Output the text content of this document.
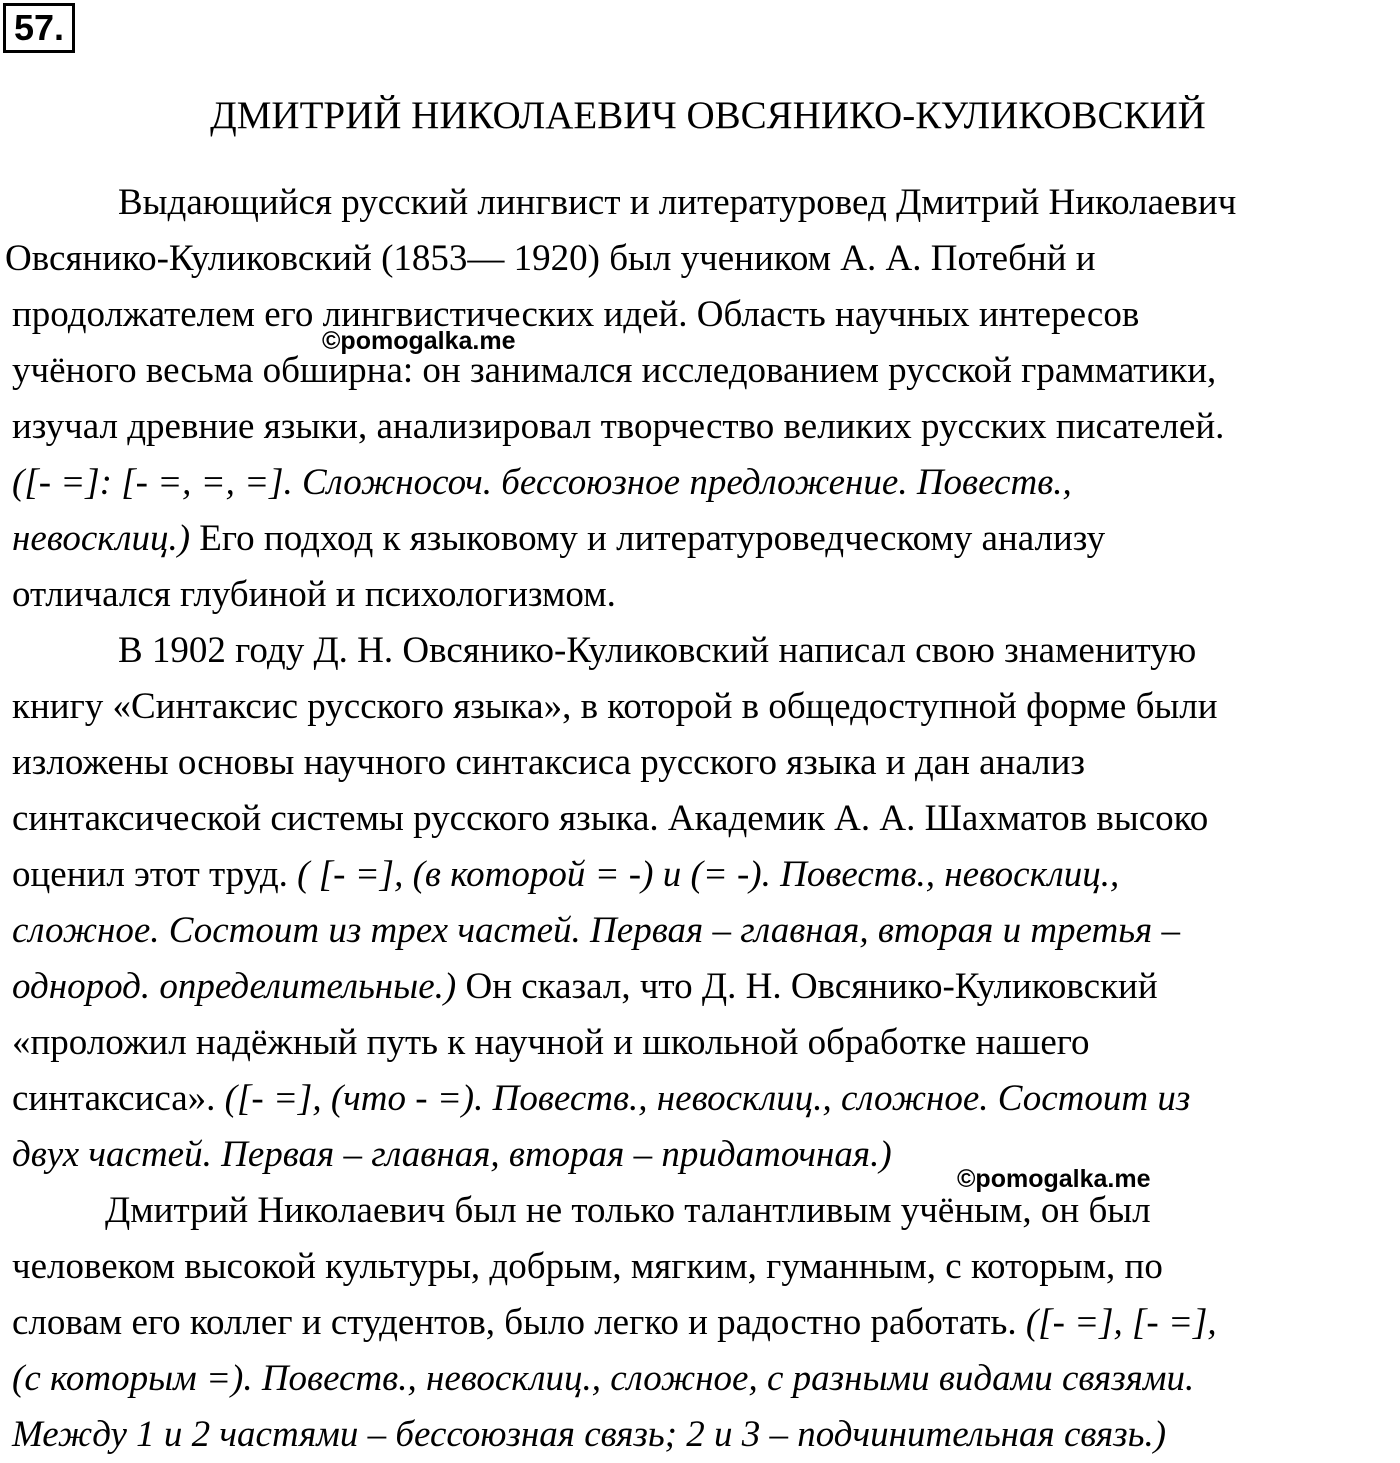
57.
ДМИТРИЙ НИКОЛАЕВИЧ ОВСЯНИКО-КУЛИКОВСКИЙ
Выдающийся русский лингвист и литературовед Дмитрий Николаевич
Овсянико-Куликовский (1853— 1920) был учеником А. А. Потебнй и
продолжателем его лингвистических идей. Область научных интересов
учёного весьма обширна: он занимался исследованием русской грамматики,
изучал древние языки, анализировал творчество великих русских писателей.
([- =]: [- =, =, =]. Сложносоч. бессоюзное предложение. Повеств.,
невосклиц.) Его подход к языковому и литературоведческому анализу
отличался глубиной и психологизмом.
В 1902 году Д. Н. Овсянико-Куликовский написал свою знаменитую
книгу «Синтаксис русского языка», в которой в общедоступной форме были
изложены основы научного синтаксиса русского языка и дан анализ
синтаксической системы русского языка. Академик А. А. Шахматов высоко
оценил этот труд. ( [- =], (в которой = -) и (= -). Повеств., невосклиц.,
сложное. Состоит из трех частей. Первая – главная, вторая и третья –
однород. определительные.) Он сказал, что Д. Н. Овсянико-Куликовский
«проложил надёжный путь к научной и школьной обработке нашего
синтаксиса». ([- =], (что - =). Повеств., невосклиц., сложное. Состоит из
двух частей. Первая – главная, вторая – придаточная.)
Дмитрий Николаевич был не только талантливым учёным, он был
человеком высокой культуры, добрым, мягким, гуманным, с которым, по
словам его коллег и студентов, было легко и радостно работать. ([- =], [- =],
(с которым =). Повеств., невосклиц., сложное, с разными видами связями.
Между 1 и 2 частями – бессоюзная связь; 2 и 3 – подчинительная связь.)
©pomogalka.me
©pomogalka.me
